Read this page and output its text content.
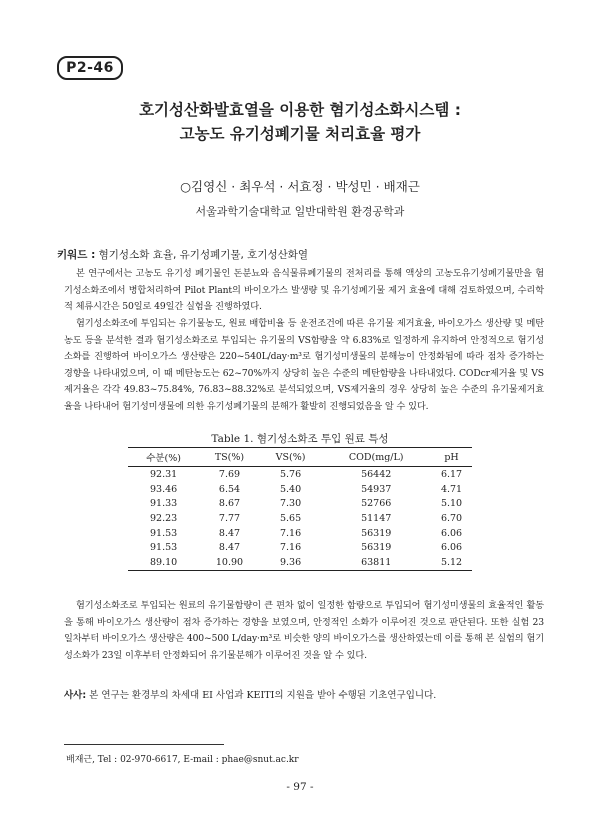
P2-46
호기성산화발효열을 이용한 혐기성소화시스템 :
고농도 유기성폐기물 처리효율 평가
○김영신 · 최우석 · 서효정 · 박성민 · 배재근
서울과학기술대학교 일반대학원 환경공학과
키워드 : 혐기성소화 효율, 유기성폐기물, 호기성산화열

본 연구에서는 고농도 유기성 폐기물인 돈분뇨와 음식물류폐기물의 전처리를 통해 액상의 고농도유기성폐기물만을 혐기성소화조에서 병합처리하여 Pilot Plant의 바이오가스 발생량 및 유기성폐기물 제거 효율에 대해 검토하였으며, 수리학적 체류시간은 50일로 49일간 실험을 진행하였다.

혐기성소화조에 투입되는 유기물농도, 원료 배합비율 등 운전조건에 따른 유기물 제거효율, 바이오가스 생산량 및 메탄농도 등을 분석한 결과 혐기성소화조로 투입되는 유기물의 VS함량을 약 6.83%로 일정하게 유지하여 안정적으로 혐기성소화를 진행하여 바이오가스 생산량은 220~540L/day·m³로 혐기성미생물의 분해능이 안정화됨에 따라 점차 증가하는 경향을 나타내었으며, 이 때 메탄농도는 62~70%까지 상당히 높은 수준의 메탄함량을 나타내었다. CODcr제거율 및 VS제거율은 각각 49.83~75.84%, 76.83~88.32%로 분석되었으며, VS제거율의 경우 상당히 높은 수준의 유기물제거효율을 나타내어 혐기성미생물에 의한 유기성폐기물의 분해가 활발히 진행되었음을 알 수 있다.

Table 1. 혐기성소화조 투입 원료 특성
수분(%)	TS(%)	VS(%)	COD(mg/L)	pH
92.31	7.69	5.76	56442	6.17
93.46	6.54	5.40	54937	4.71
91.33	8.67	7.30	52766	5.10
92.23	7.77	5.65	51147	6.70
91.53	8.47	7.16	56319	6.06
91.53	8.47	7.16	56319	6.06
89.10	10.90	9.36	63811	5.12

혐기성소화조로 투입되는 원료의 유기물함량이 큰 편차 없이 일정한 함량으로 투입되어 혐기성미생물의 효율적인 활동을 통해 바이오가스 생산량이 점차 증가하는 경향을 보였으며, 안정적인 소화가 이루어진 것으로 판단된다. 또한 실험 23일차부터 바이오가스 생산량은 400~500 L/day·m³로 비슷한 양의 바이오가스를 생산하였는데 이를 통해 본 실험의 혐기성소화가 23일 이후부터 안정화되어 유기물분해가 이루어진 것을 알 수 있다.

사사: 본 연구는 환경부의 차세대 EI 사업과 KEITI의 지원을 받아 수행된 기초연구입니다.

배재근, Tel : 02-970-6617, E-mail : phae@snut.ac.kr
- 97 -
